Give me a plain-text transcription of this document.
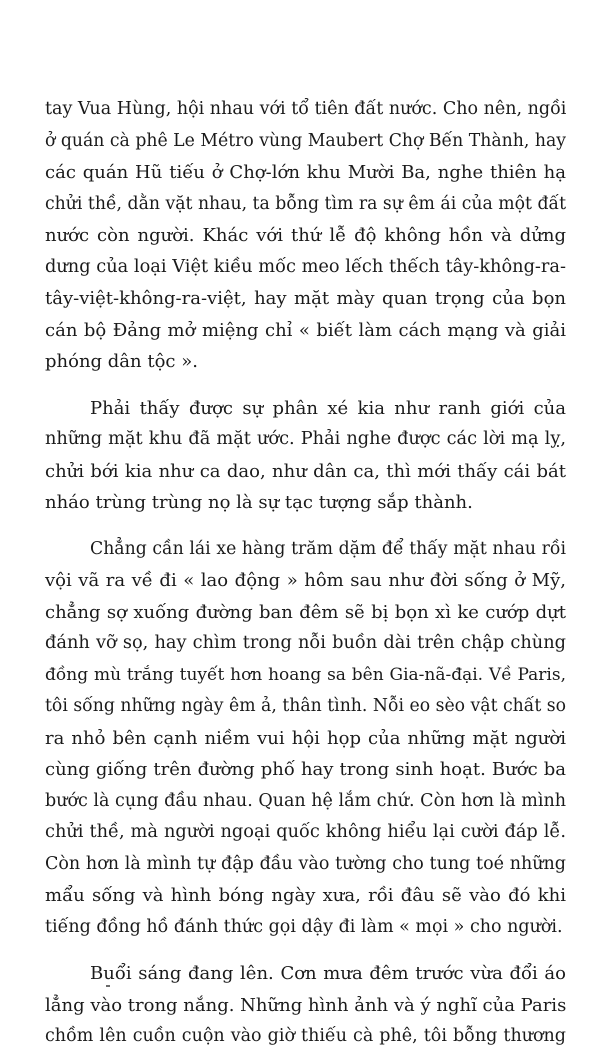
tay Vua Hùng, hội nhau với tổ tiên đất nước. Cho nên, ngồi
ở quán cà phê Le Métro vùng Maubert Chợ Bến Thành, hay
các quán Hũ tiếu ở Chợ-lớn khu Mười Ba, nghe thiên hạ
chửi thề, dằn vặt nhau, ta bỗng tìm ra sự êm ái của một đất
nước còn người. Khác với thứ lễ độ không hồn và dửng
dưng của loại Việt kiều mốc meo lếch thếch tây-không-ra-
tây-việt-không-ra-việt, hay mặt mày quan trọng của bọn
cán bộ Đảng mở miệng chỉ « biết làm cách mạng và giải
phóng dân tộc ».
Phải thấy được sự phân xé kia như ranh giới của
những mặt khu đã mặt ước. Phải nghe được các lời mạ lỵ,
chửi bới kia như ca dao, như dân ca, thì mới thấy cái bát
nháo trùng trùng nọ là sự tạc tượng sắp thành.
Chẳng cần lái xe hàng trăm dặm để thấy mặt nhau rồi
vội vã ra về đi « lao động » hôm sau như đời sống ở Mỹ,
chẳng sợ xuống đường ban đêm sẽ bị bọn xì ke cướp dựt
đánh vỡ sọ, hay chìm trong nỗi buồn dài trên chập chùng
đồng mù trắng tuyết hơn hoang sa bên Gia-nã-đại. Về Paris,
tôi sống những ngày êm ả, thân tình. Nỗi eo sèo vật chất so
ra nhỏ bên cạnh niềm vui hội họp của những mặt người
cùng giống trên đường phố hay trong sinh hoạt. Bước ba
bước là cụng đầu nhau. Quan hệ lắm chứ. Còn hơn là mình
chửi thề, mà người ngoại quốc không hiểu lại cười đáp lễ.
Còn hơn là mình tự đập đầu vào tường cho tung toé những
mẩu sống và hình bóng ngày xưa, rồi đâu sẽ vào đó khi
tiếng đồng hồ đánh thức gọi dậy đi làm « mọi » cho người.
Buổi sáng đang lên. Cơn mưa đêm trước vừa đổi áo
lẳng vào trong nắng. Những hình ảnh và ý nghĩ của Paris
chồm lên cuồn cuộn vào giờ thiếu cà phê, tôi bỗng thương
